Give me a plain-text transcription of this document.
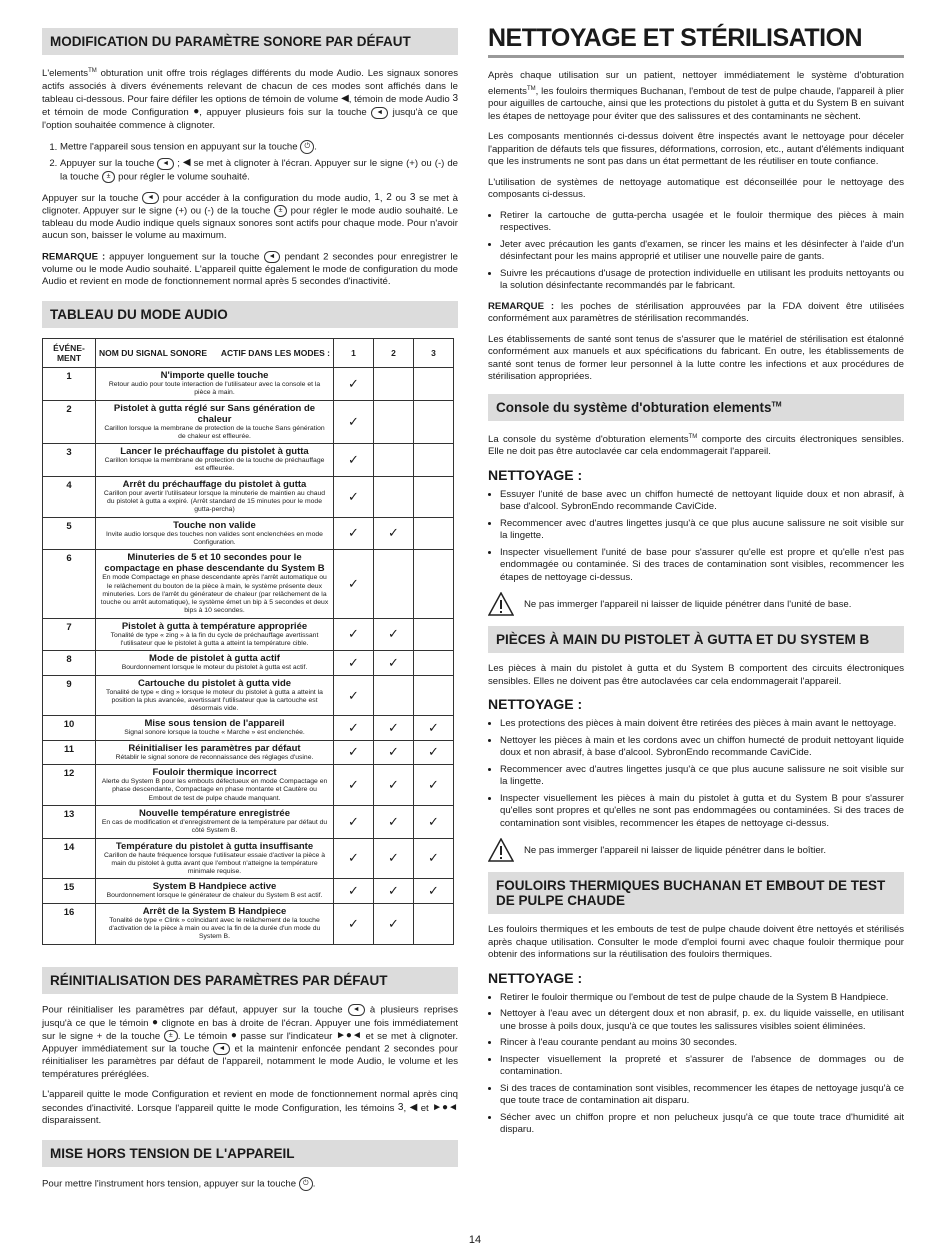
MODIFICATION DU PARAMÈTRE SONORE PAR DÉFAUT

L'elements™ obturation unit offre trois réglages différents du mode Audio. Les signaux sonores actifs associés à divers événements relevant de chacun de ces modes sont affichés dans le tableau ci-dessous. Pour faire défiler les options de témoin de volume ◀, témoin de mode Audio 3 et témoin de mode Configuration ●, appuyer plusieurs fois sur la touche ◄ jusqu'à ce que l'option souhaitée commence à clignoter.

1. Mettre l'appareil sous tension en appuyant sur la touche ⏻ .
2. Appuyer sur la touche ◄ ; ◀ se met à clignoter à l'écran. Appuyer sur le signe (+) ou (-) de la touche ± pour régler le volume souhaité.

Appuyer sur la touche ◄ pour accéder à la configuration du mode audio, 1, 2 ou 3 se met à clignoter. Appuyer sur le signe (+) ou (-) de la touche ± pour régler le mode audio souhaité. Le tableau du mode Audio indique quels signaux sonores sont actifs pour chaque mode. Pour n'avoir aucun son, baisser le volume au maximum.

REMARQUE : appuyer longuement sur la touche ◄ pendant 2 secondes pour enregistrer le volume ou le mode Audio souhaité. L'appareil quitte également le mode de configuration du mode Audio et revient en mode de fonctionnement normal après 5 secondes d'inactivité.

TABLEAU DU MODE AUDIO
ÉVÉNE-MENT	NOM DU SIGNAL SONORE ACTIF DANS LES MODES :	1	2	3
1	N'importe quelle touche
Retour audio pour toute interaction de l'utilisateur avec la console et la pièce à main.	✓		
2	Pistolet à gutta réglé sur Sans génération de chaleur
Carillon lorsque la membrane de protection de la touche Sans génération de chaleur est effleurée.	✓		
3	Lancer le préchauffage du pistolet à gutta
Carillon lorsque la membrane de protection de la touche de préchauffage est effleurée.	✓		
4	Arrêt du préchauffage du pistolet à gutta
Carillon pour avertir l'utilisateur lorsque la minuterie de maintien au chaud du pistolet à gutta a expiré. (Arrêt standard de 15 minutes pour le mode gutta-percha)	✓		
5	Touche non valide
Invite audio lorsque des touches non valides sont enclenchées en mode Configuration.	✓	✓	
6	Minuteries de 5 et 10 secondes pour le compactage en phase descendante du System B
En mode Compactage en phase descendante après l'arrêt automatique ou le relâchement du bouton de la pièce à main, le système présente deux minuteries. Lors de l'arrêt du générateur de chaleur (par relâchement de la touche ou arrêt automatique), le système émet un bip à 5 secondes et deux bips à 10 secondes.	✓		
7	Pistolet à gutta à température appropriée
Tonalité de type « zing » à la fin du cycle de préchauffage avertissant l'utilisateur que le pistolet à gutta a atteint la température cible.	✓	✓	
8	Mode de pistolet à gutta actif
Bourdonnement lorsque le moteur du pistolet à gutta est actif.	✓	✓	
9	Cartouche du pistolet à gutta vide
Tonalité de type « ding » lorsque le moteur du pistolet à gutta a atteint la position la plus avancée, avertissant l'utilisateur que la cartouche est désormais vide.	✓		
10	Mise sous tension de l'appareil
Signal sonore lorsque la touche « Marche » est enclenchée.	✓	✓	✓
11	Réinitialiser les paramètres par défaut
Rétablir le signal sonore de reconnaissance des réglages d'usine.	✓	✓	✓
12	Fouloir thermique incorrect
Alerte du System B pour les embouts défectueux en mode Compactage en phase descendante, Compactage en phase montante et Cautère ou Embout de test de pulpe chaude manquant.	✓	✓	✓
13	Nouvelle température enregistrée
En cas de modification et d'enregistrement de la température par défaut du côté System B.	✓	✓	✓
14	Température du pistolet à gutta insuffisante
Carillon de haute fréquence lorsque l'utilisateur essaie d'activer la pièce à main du pistolet à gutta avant que l'embout n'atteigne la température minimale requise.	✓	✓	✓
15	System B Handpiece active
Bourdonnement lorsque le générateur de chaleur du System B est actif.	✓	✓	✓
16	Arrêt de la System B Handpiece
Tonalité de type « Clink » coïncidant avec le relâchement de la touche d'activation de la pièce à main ou avec la fin de la durée d'un mode du System B.	✓	✓	
RÉINITIALISATION DES PARAMÈTRES PAR DÉFAUT

Pour réinitialiser les paramètres par défaut, appuyer sur la touche ◄ à plusieurs reprises jusqu'à ce que le témoin ● clignote en bas à droite de l'écran. Appuyer une fois immédiatement sur le signe + de la touche ± . Le témoin ● passe sur l'indicateur ►●◄ et se met à clignoter. Appuyer immédiatement sur la touche ◄ et la maintenir enfoncée pendant 2 secondes pour réinitialiser les paramètres par défaut de l'appareil, notamment le mode Audio, le volume et les températures préréglées.

L'appareil quitte le mode Configuration et revient en mode de fonctionnement normal après cinq secondes d'inactivité. Lorsque l'appareil quitte le mode Configuration, les témoins 3, ◀ et ►●◄ disparaissent.

MISE HORS TENSION DE L'APPAREIL

Pour mettre l'instrument hors tension, appuyer sur la touche ⏻ .

NETTOYAGE ET STÉRILISATION

Après chaque utilisation sur un patient, nettoyer immédiatement le système d'obturation elements™, les fouloirs thermiques Buchanan, l'embout de test de pulpe chaude, l'appareil à plier pour aiguilles de cartouche, ainsi que les protections du pistolet à gutta et du System B en suivant les étapes de nettoyage pour éviter que des salissures et des contaminants ne sèchent.

Les composants mentionnés ci-dessus doivent être inspectés avant le nettoyage pour déceler l'apparition de défauts tels que fissures, déformations, corrosion, etc., autant d'éléments indiquant que les instruments ne sont pas dans un état permettant de les réutiliser en toute confiance.

L'utilisation de systèmes de nettoyage automatique est déconseillée pour le nettoyage des composants ci-dessus.

• Retirer la cartouche de gutta-percha usagée et le fouloir thermique des pièces à main respectives.
• Jeter avec précaution les gants d'examen, se rincer les mains et les désinfecter à l'aide d'un désinfectant pour les mains approprié et utiliser une nouvelle paire de gants.
• Suivre les précautions d'usage de protection individuelle en utilisant les produits nettoyants ou la solution désinfectante recommandés par le fabricant.

REMARQUE : les poches de stérilisation approuvées par la FDA doivent être utilisées conformément aux paramètres de stérilisation recommandés.

Les établissements de santé sont tenus de s'assurer que le matériel de stérilisation est étalonné conformément aux manuels et aux spécifications du fabricant. En outre, les établissements de santé sont tenus de former leur personnel à la lutte contre les infections et aux procédures de stérilisation appropriées.

Console du système d'obturation elements™

La console du système d'obturation elements™ comporte des circuits électroniques sensibles. Elle ne doit pas être autoclavée car cela endommagerait l'appareil.

NETTOYAGE :
• Essuyer l'unité de base avec un chiffon humecté de nettoyant liquide doux et non abrasif, à base d'alcool. SybronEndo recommande CaviCide.
• Recommencer avec d'autres lingettes jusqu'à ce que plus aucune salissure ne soit visible sur la lingette.
• Inspecter visuellement l'unité de base pour s'assurer qu'elle est propre et qu'elle n'est pas endommagée ou contaminée. Si des traces de contamination sont visibles, recommencer les étapes de nettoyage ci-dessus.
Ne pas immerger l'appareil ni laisser de liquide pénétrer dans l'unité de base.
PIÈCES À MAIN DU PISTOLET À GUTTA ET DU SYSTEM B

Les pièces à main du pistolet à gutta et du System B comportent des circuits électroniques sensibles. Elles ne doivent pas être autoclavées car cela endommagerait l'appareil.

NETTOYAGE :
• Les protections des pièces à main doivent être retirées des pièces à main avant le nettoyage.
• Nettoyer les pièces à main et les cordons avec un chiffon humecté de produit nettoyant liquide doux et non abrasif, à base d'alcool. SybronEndo recommande CaviCide.
• Recommencer avec d'autres lingettes jusqu'à ce que plus aucune salissure ne soit visible sur la lingette.
• Inspecter visuellement les pièces à main du pistolet à gutta et du System B pour s'assurer qu'elles sont propres et qu'elles ne sont pas endommagées ou contaminées. Si des traces de contamination sont visibles, recommencer les étapes de nettoyage ci-dessus.
Ne pas immerger l'appareil ni laisser de liquide pénétrer dans le boîtier.
FOULOIRS THERMIQUES BUCHANAN ET EMBOUT DE TEST DE PULPE CHAUDE

Les fouloirs thermiques et les embouts de test de pulpe chaude doivent être nettoyés et stérilisés après chaque utilisation. Consulter le mode d'emploi fourni avec chaque fouloir thermique pour obtenir des informations sur la réutilisation des fouloirs thermiques.

NETTOYAGE :
• Retirer le fouloir thermique ou l'embout de test de pulpe chaude de la System B Handpiece.
• Nettoyer à l'eau avec un détergent doux et non abrasif, p. ex. du liquide vaisselle, en utilisant une brosse à poils doux, jusqu'à ce que toutes les salissures visibles soient éliminées.
• Rincer à l'eau courante pendant au moins 30 secondes.
• Inspecter visuellement la propreté et s'assurer de l'absence de dommages ou de contamination.
• Si des traces de contamination sont visibles, recommencer les étapes de nettoyage jusqu'à ce que toute trace de contamination ait disparu.
• Sécher avec un chiffon propre et non pelucheux jusqu'à ce que toute trace d'humidité ait disparu.
14
